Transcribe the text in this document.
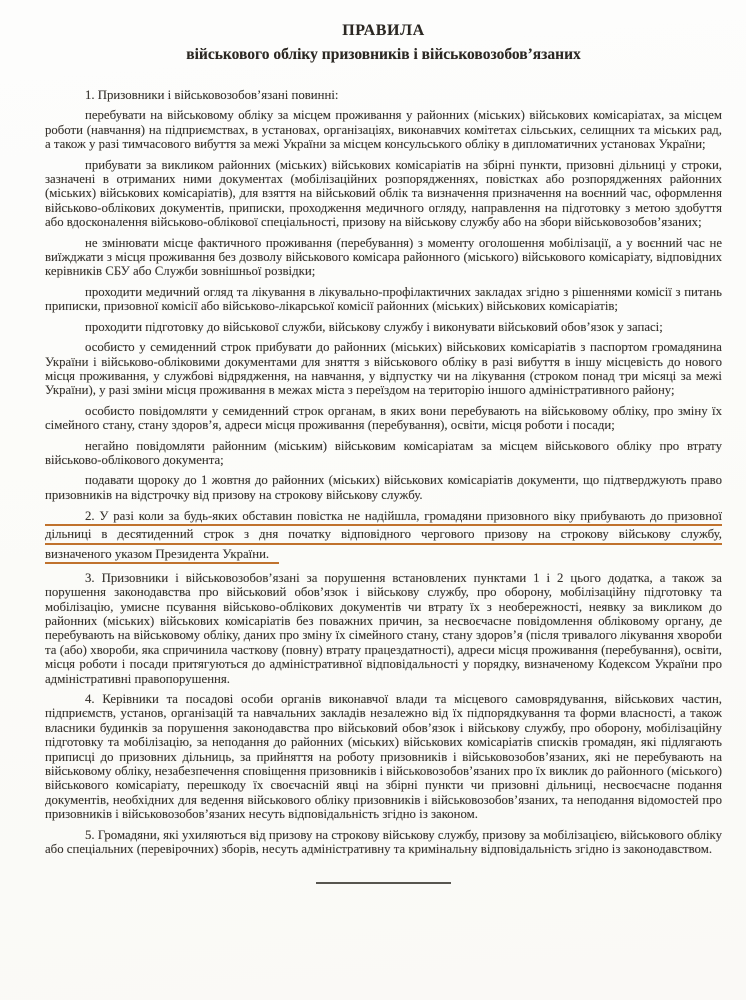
ПРАВИЛА
військового обліку призовників і військовозобов’язаних
1. Призовники і військовозобов’язані повинні:
перебувати на військовому обліку за місцем проживання у районних (міських) військових комісаріатах, за місцем роботи (навчання) на підприємствах, в установах, організаціях, виконавчих комітетах сільських, селищних та міських рад, а також у разі тимчасового вибуття за межі України за місцем консульського обліку в дипломатичних установах України;
прибувати за викликом районних (міських) військових комісаріатів на збірні пункти, призовні дільниці у строки, зазначені в отриманих ними документах (мобілізаційних розпорядженнях, повістках або розпорядженнях районних (міських) військових комісаріатів), для взяття на військовий облік та визначення призначення на воєнний час, оформлення військово-облікових документів, приписки, проходження медичного огляду, направлення на підготовку з метою здобуття або вдосконалення військово-облікової спеціальності, призову на військову службу або на збори військовозобов’язаних;
не змінювати місце фактичного проживання (перебування) з моменту оголошення мобілізації, а у воєнний час не виїжджати з місця проживання без дозволу військового комісара районного (міського) військового комісаріату, відповідних керівників СБУ або Служби зовнішньої розвідки;
проходити медичний огляд та лікування в лікувально-профілактичних закладах згідно з рішеннями комісії з питань приписки, призовної комісії або військово-лікарської комісії районних (міських) військових комісаріатів;
проходити підготовку до військової служби, військову службу і виконувати військовий обов’язок у запасі;
особисто у семиденний строк прибувати до районних (міських) військових комісаріатів з паспортом громадянина України і військово-обліковими документами для зняття з військового обліку в разі вибуття в іншу місцевість до нового місця проживання, у службові відрядження, на навчання, у відпустку чи на лікування (строком понад три місяці за межі України), у разі зміни місця проживання в межах міста з переїздом на територію іншого адміністративного району;
особисто повідомляти у семиденний строк органам, в яких вони перебувають на військовому обліку, про зміну їх сімейного стану, стану здоров’я, адреси місця проживання (перебування), освіти, місця роботи і посади;
негайно повідомляти районним (міським) військовим комісаріатам за місцем військового обліку про втрату військово-облікового документа;
подавати щороку до 1 жовтня до районних (міських) військових комісаріатів документи, що підтверджують право призовників на відстрочку від призову на строкову військову службу.
2. У разі коли за будь-яких обставин повістка не надійшла, громадяни призовного віку прибувають до призовної
дільниці в десятиденний строк з дня початку відповідного чергового призову на строкову військову службу,
визначеного указом Президента України.
3. Призовники і військовозобов’язані за порушення встановлених пунктами 1 і 2 цього додатка, а також за порушення законодавства про військовий обов’язок і військову службу, про оборону, мобілізаційну підготовку та мобілізацію, умисне псування військово-облікових документів чи втрату їх з необережності, неявку за викликом до районних (міських) військових комісаріатів без поважних причин, за несвоєчасне повідомлення обліковому органу, де перебувають на військовому обліку, даних про зміну їх сімейного стану, стану здоров’я (після тривалого лікування хвороби та (або) хвороби, яка спричинила часткову (повну) втрату працездатності), адреси місця проживання (перебування), освіти, місця роботи і посади притягуються до адміністративної відповідальності у порядку, визначеному Кодексом України про адміністративні правопорушення.
4. Керівники та посадові особи органів виконавчої влади та місцевого самоврядування, військових частин, підприємств, установ, організацій та навчальних закладів незалежно від їх підпорядкування та форми власності, а також власники будинків за порушення законодавства про військовий обов’язок і військову службу, про оборону, мобілізаційну підготовку та мобілізацію, за неподання до районних (міських) військових комісаріатів списків громадян, які підлягають приписці до призовних дільниць, за прийняття на роботу призовників і військовозобов’язаних, які не перебувають на військовому обліку, незабезпечення сповіщення призовників і військовозобов’язаних про їх виклик до районного (міського) військового комісаріату, перешкоду їх своєчасній явці на збірні пункти чи призовні дільниці, несвоєчасне подання документів, необхідних для ведення військового обліку призовників і військовозобов’язаних, та неподання відомостей про призовників і військовозобов’язаних несуть відповідальність згідно із законом.
5. Громадяни, які ухиляються від призову на строкову військову службу, призову за мобілізацією, військового обліку або спеціальних (перевірочних) зборів, несуть адміністративну та кримінальну відповідальність згідно із законодавством.
